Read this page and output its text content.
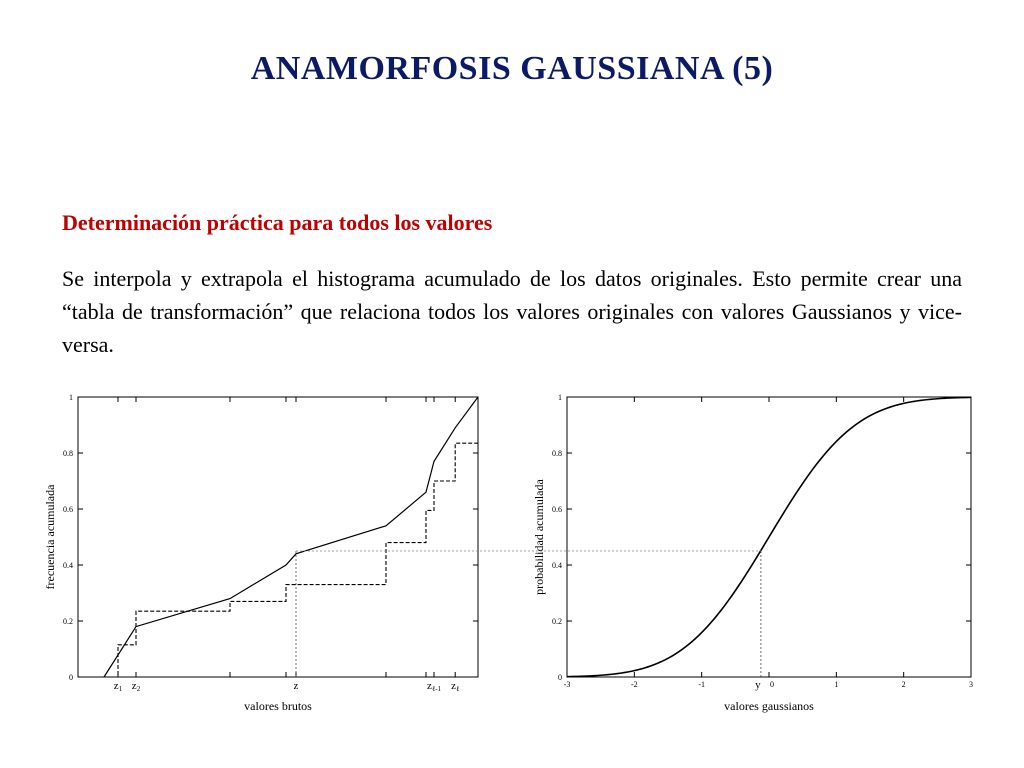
ANAMORFOSIS GAUSSIANA (5)
Determinación práctica para todos los valores
Se interpola y extrapola el histograma acumulado de los datos originales. Esto permite crear una “tabla de transformación” que relaciona todos los valores originales con valores Gaussianos y vice-versa.
0
0.2
0.4
0.6
0.8
1
frecuencia acumulada
valores brutos
z1 z2	z	zℓ-1 zℓ
0
0.2
0.4
0.6
0.8
1
probabilidad acumulada
valores gaussianos
-3	-2	-1	0	1	2	3
y
